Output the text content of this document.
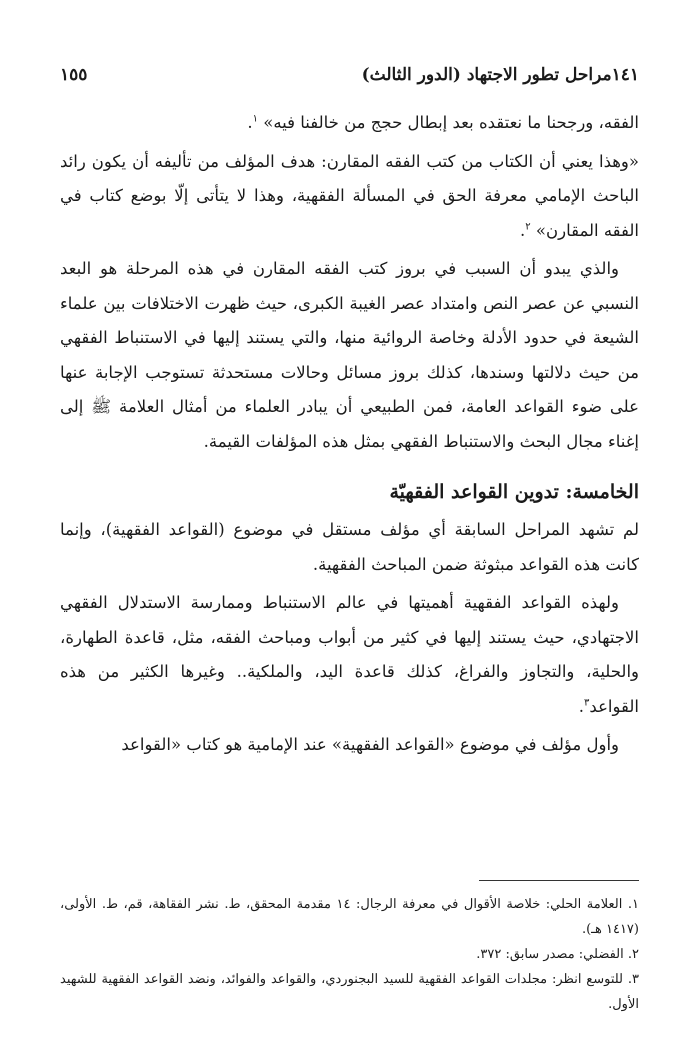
١٤١مراحل تطور الاجتهاد (الدور الثالث)
١٥٥

الفقه، ورجحنا ما نعتقده بعد إبطال حجج من خالفنا فيه» $^١$.

«وهذا يعني أن الكتاب من كتب الفقه المقارن: هدف المؤلف من تأليفه أن يكون رائد الباحث الإمامي معرفة الحق في المسألة الفقهية، وهذا لا يتأتى إلّا بوضع كتاب في الفقه المقارن» $^٢$.

والذي يبدو أن السبب في بروز كتب الفقه المقارن في هذه المرحلة هو البعد النسبي عن عصر النص وامتداد عصر الغيبة الكبرى، حيث ظهرت الاختلافات بين علماء الشيعة في حدود الأدلة وخاصة الروائية منها، والتي يستند إليها في الاستنباط الفقهي من حيث دلالتها وسندها، كذلك بروز مسائل وحالات مستحدثة تستوجب الإجابة عنها على ضوء القواعد العامة، فمن الطبيعي أن يبادر العلماء من أمثال العلامة ﷺ إلى إغناء مجال البحث والاستنباط الفقهي بمثل هذه المؤلفات القيمة.

الخامسة: تدوين القواعد الفقهيّة

لم تشهد المراحل السابقة أي مؤلف مستقل في موضوع (القواعد الفقهية)، وإنما كانت هذه القواعد مبثوثة ضمن المباحث الفقهية.

ولهذه القواعد الفقهية أهميتها في عالم الاستنباط وممارسة الاستدلال الفقهي الاجتهادي، حيث يستند إليها في كثير من أبواب ومباحث الفقه، مثل، قاعدة الطهارة، والحلية، والتجاوز والفراغ، كذلك قاعدة اليد، والملكية.. وغيرها الكثير من هذه القواعد$^٣$.

وأول مؤلف في موضوع «القواعد الفقهية» عند الإمامية هو كتاب «القواعد

١. العلامة الحلي: خلاصة الأقوال في معرفة الرجال: ١٤ مقدمة المحقق، ط. نشر الفقاهة، قم، ط. الأولى، (١٤١٧ هـ).

٢. الفضلي: مصدر سابق: ٣٧٢.

٣. للتوسع انظر: مجلدات القواعد الفقهية للسيد البجنوردي، والقواعد والفوائد، ونضد القواعد الفقهية للشهيد الأول.
